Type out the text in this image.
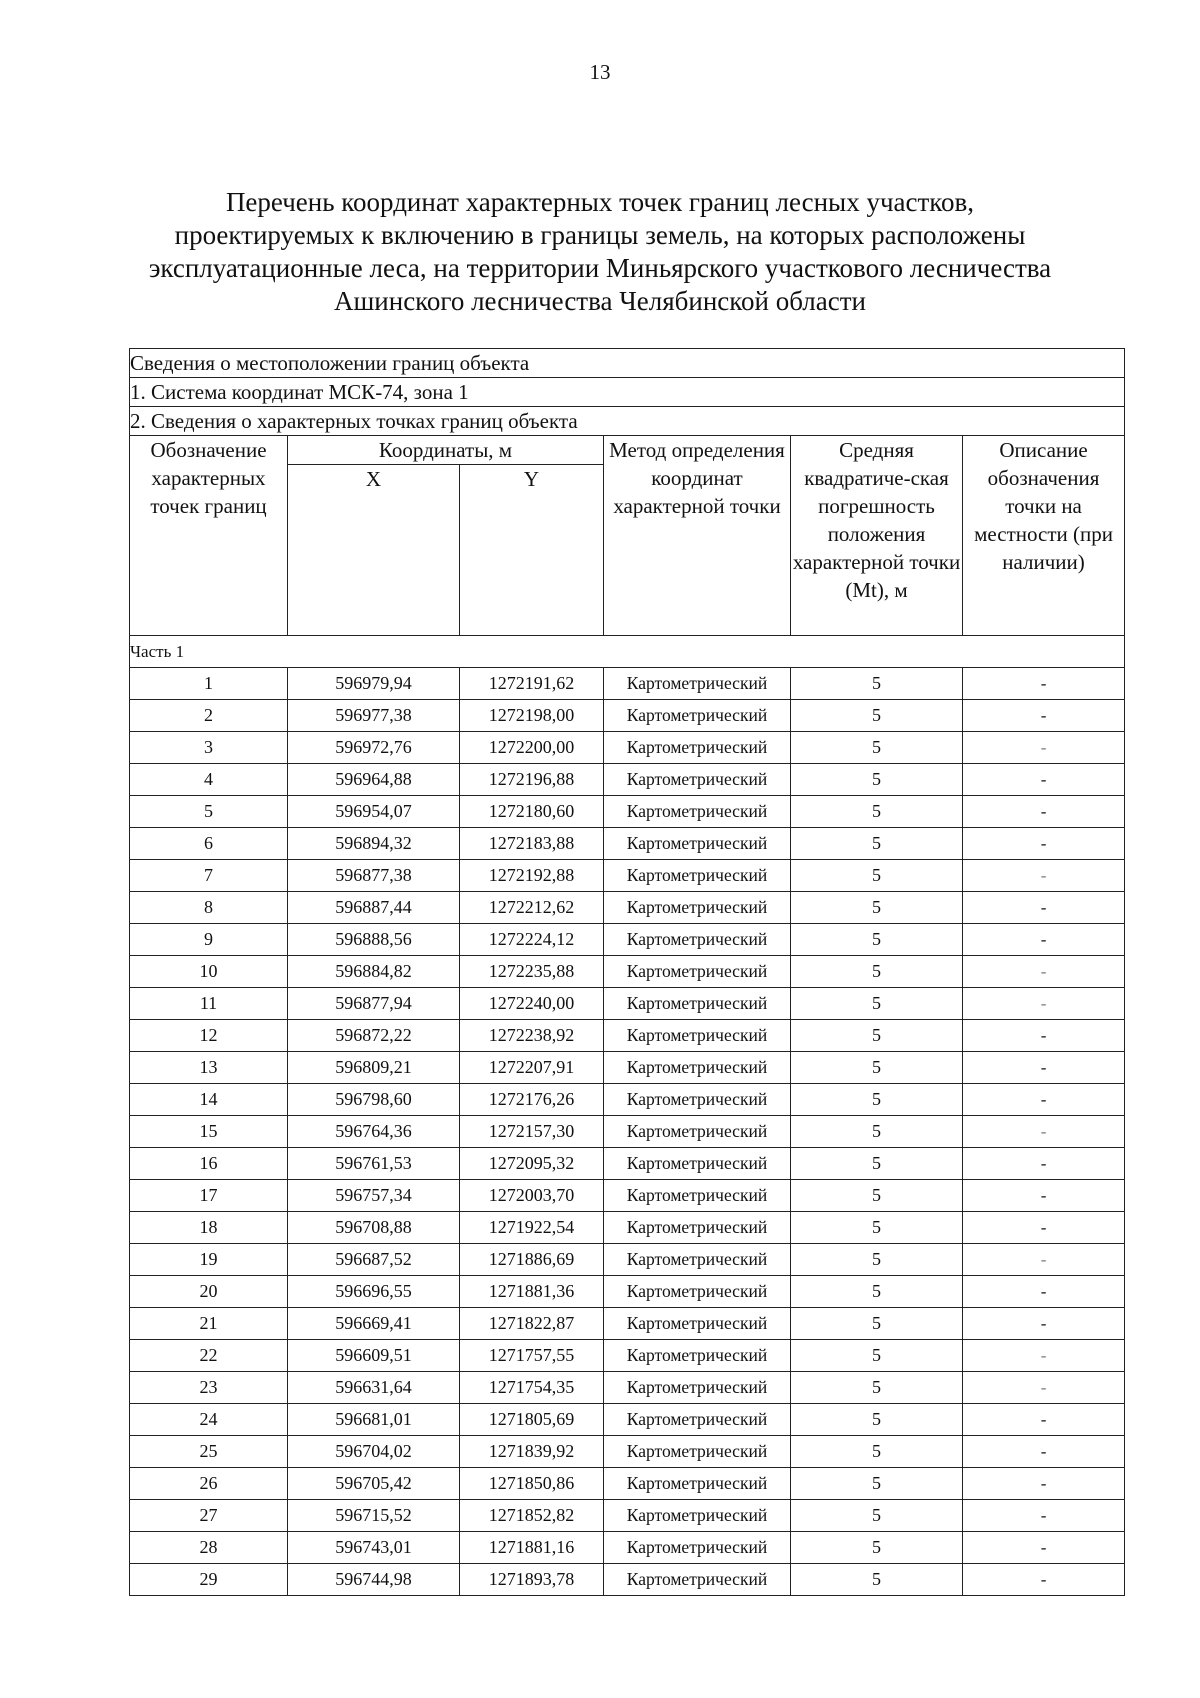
13
Перечень координат характерных точек границ лесных участков,
проектируемых к включению в границы земель, на которых расположены
эксплуатационные леса, на территории Миньярского участкового лесничества
Ашинского лесничества Челябинской области
Сведения о местоположении границ объекта					
1. Система координат МСК-74, зона 1					
2. Сведения о характерных точках границ объекта					
Обозначение характерных точек границ	Координаты, м		Метод определения координат характерной точки	Средняя квадратиче-ская погрешность положения характерной точки (Mt), м	Описание обозначения точки на местности (при наличии)
	X	Y			
Часть 1					
1	596979,94	1272191,62	Картометрический	5	-
2	596977,38	1272198,00	Картометрический	5	-
3	596972,76	1272200,00	Картометрический	5	-
4	596964,88	1272196,88	Картометрический	5	-
5	596954,07	1272180,60	Картометрический	5	-
6	596894,32	1272183,88	Картометрический	5	-
7	596877,38	1272192,88	Картометрический	5	-
8	596887,44	1272212,62	Картометрический	5	-
9	596888,56	1272224,12	Картометрический	5	-
10	596884,82	1272235,88	Картометрический	5	-
11	596877,94	1272240,00	Картометрический	5	-
12	596872,22	1272238,92	Картометрический	5	-
13	596809,21	1272207,91	Картометрический	5	-
14	596798,60	1272176,26	Картометрический	5	-
15	596764,36	1272157,30	Картометрический	5	-
16	596761,53	1272095,32	Картометрический	5	-
17	596757,34	1272003,70	Картометрический	5	-
18	596708,88	1271922,54	Картометрический	5	-
19	596687,52	1271886,69	Картометрический	5	-
20	596696,55	1271881,36	Картометрический	5	-
21	596669,41	1271822,87	Картометрический	5	-
22	596609,51	1271757,55	Картометрический	5	-
23	596631,64	1271754,35	Картометрический	5	-
24	596681,01	1271805,69	Картометрический	5	-
25	596704,02	1271839,92	Картометрический	5	-
26	596705,42	1271850,86	Картометрический	5	-
27	596715,52	1271852,82	Картометрический	5	-
28	596743,01	1271881,16	Картометрический	5	-
29	596744,98	1271893,78	Картометрический	5	-
